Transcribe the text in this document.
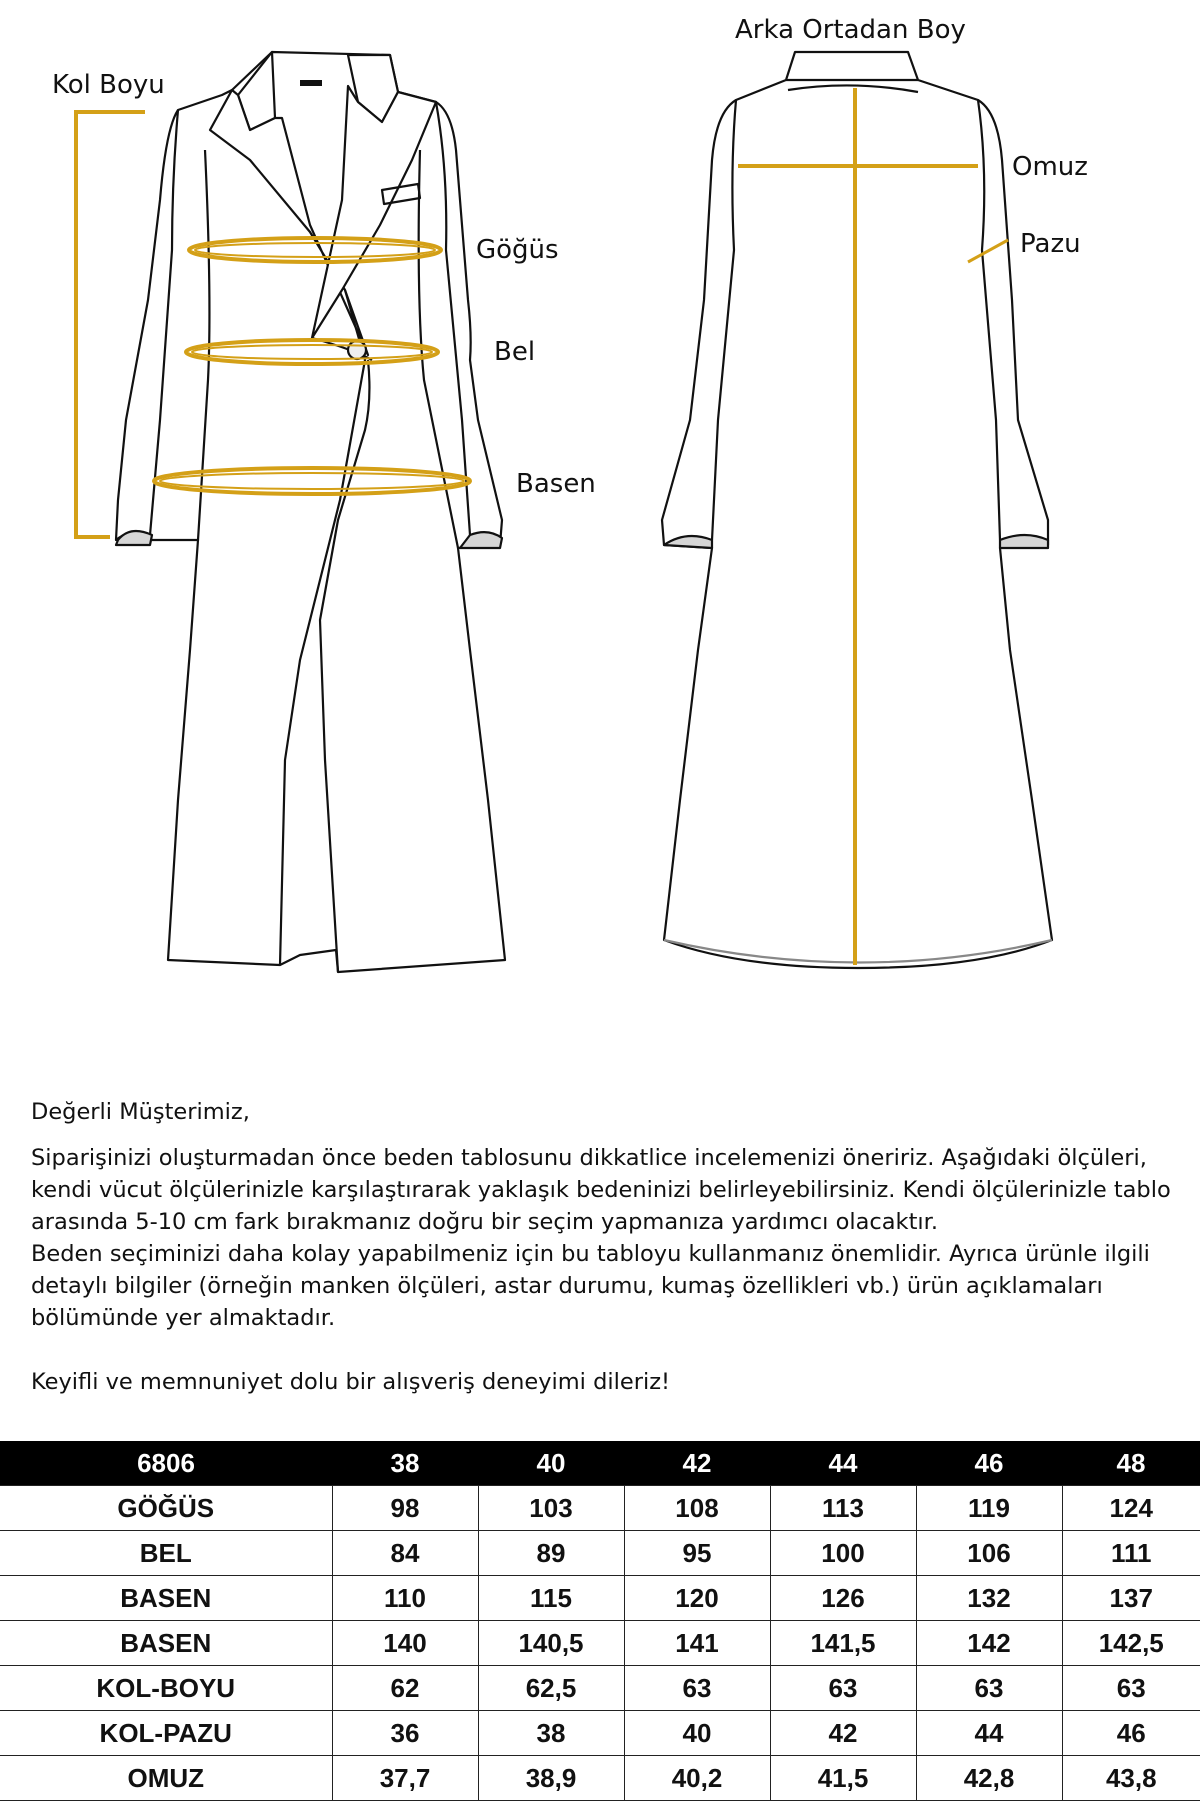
Kol Boyu
Göğüs
Bel
Basen
Arka Ortadan Boy
Omuz
Pazu

Değerli Müşterimiz,

Siparişinizi oluşturmadan önce beden tablosunu dikkatlice incelemenizi öneririz. Aşağıdaki ölçüleri, kendi vücut ölçülerinizle karşılaştırarak yaklaşık bedeninizi belirleyebilirsiniz. Kendi ölçülerinizle tablo arasında 5-10 cm fark bırakmanız doğru bir seçim yapmanıza yardımcı olacaktır.

Beden seçiminizi daha kolay yapabilmeniz için bu tabloyu kullanmanız önemlidir. Ayrıca ürünle ilgili detaylı bilgiler (örneğin manken ölçüleri, astar durumu, kumaş özellikleri vb.) ürün açıklamaları bölümünde yer almaktadır.

Keyifli ve memnuniyet dolu bir alışveriş deneyimi dileriz!

6806	38	40	42	44	46	48
GÖĞÜS	98	103	108	113	119	124
BEL	84	89	95	100	106	111
BASEN	110	115	120	126	132	137
BASEN	140	140,5	141	141,5	142	142,5
KOL-BOYU	62	62,5	63	63	63	63
KOL-PAZU	36	38	40	42	44	46
OMUZ	37,7	38,9	40,2	41,5	42,8	43,8
